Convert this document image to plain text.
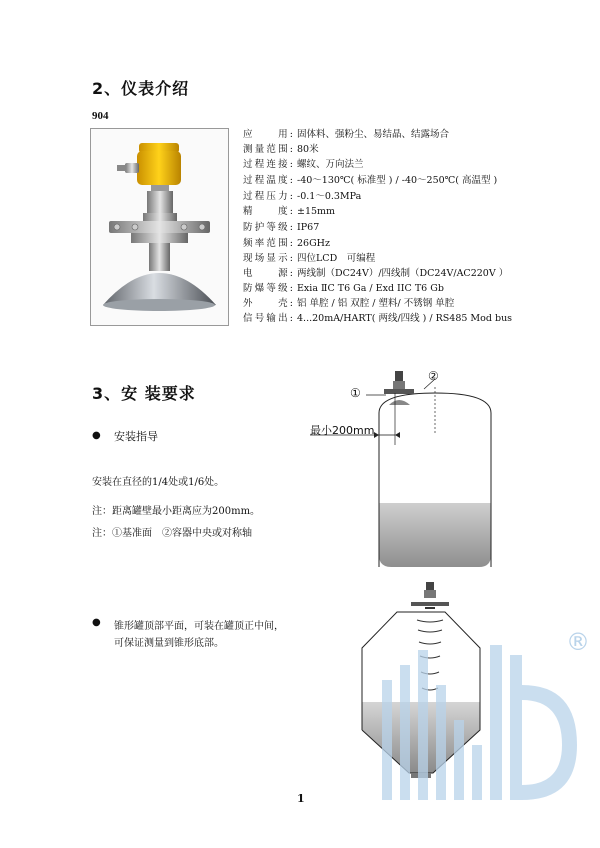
2、仪表介绍
904
应　　用: 固体料、强粉尘、易结晶、结露场合
测量范围: 80米
过程连接: 螺纹、万向法兰
过程温度: -40～130℃( 标准型 ) / -40～250℃( 高温型 )
过程压力: -0.1～0.3MPa
精　　度: ±15mm
防护等级: IP67
频率范围: 26GHz
现场显示: 四位LCD　可编程
电　　源: 两线制（DC24V）/四线制（DC24V/AC220V ）
防爆等级: Exia ⅡC T6 Ga / Exd IIC T6 Gb
外　　壳: 铝 单腔 / 铝 双腔 / 塑料/ 不锈钢 单腔
信号输出: 4...20mA/HART( 两线/四线 ) / RS485 Mod bus
3、安 装要求
● 安装指导
安装在直径的1/4处或1/6处。
注：距离罐壁最小距离应为200mm。
注：①基准面　②容器中央或对称轴
● 锥形罐顶部平面，可装在罐顶正中间，
可保证测量到锥形底部。
①
②
最小200mm
®
1
